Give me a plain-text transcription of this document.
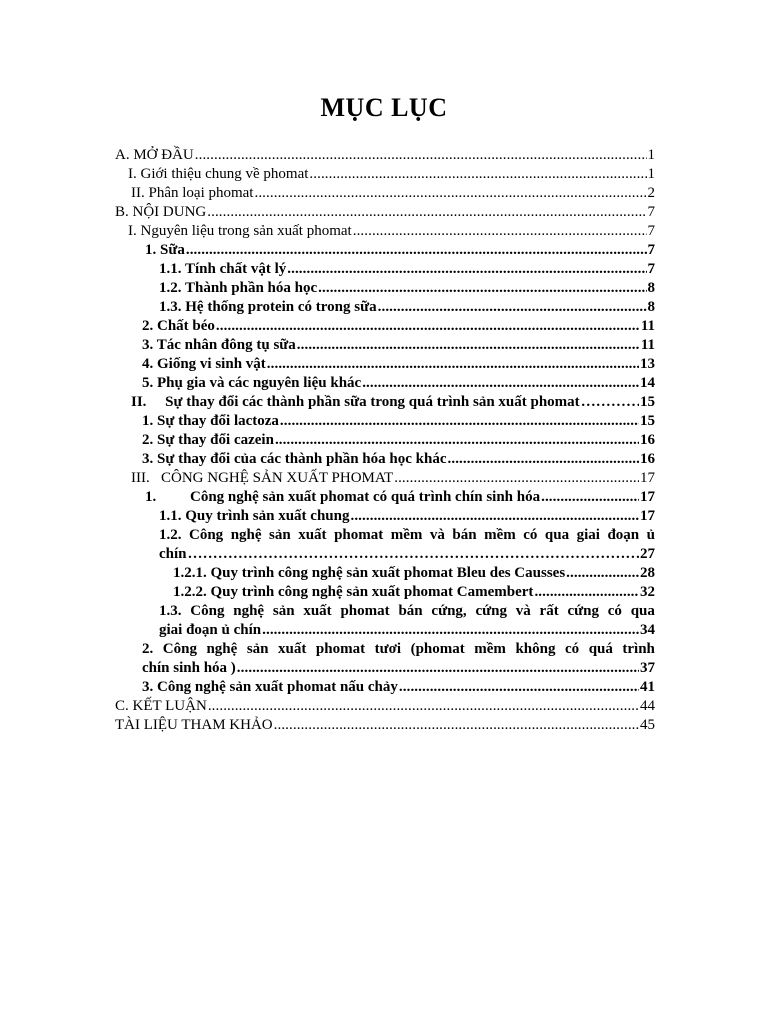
MỤC LỤC
A. MỞ ĐẦU .....	1
I. Giới thiệu chung về phomat .....	1
II. Phân loại phomat .....	2
B. NỘI DUNG .....	7
I. Nguyên liệu trong sản xuất phomat .....	7
1. Sữa .....	7
1.1. Tính chất vật lý .....	7
1.2. Thành phần hóa học .....	8
1.3. Hệ thống protein có trong sữa .....	8
2. Chất béo .....	11
3. Tác nhân đông tụ sữa .....	11
4. Giống vi sinh vật .....	13
5. Phụ gia và các nguyên liệu khác .....	14
II.     Sự thay đổi các thành phần sữa trong quá trình sản xuất phomat ……………………………………………………………………………………………………………………………………………………………………………	15
1. Sự thay đổi lactoza .....	15
2. Sự thay đổi cazein .....	16
3. Sự thay đổi của các thành phần hóa học khác .....	16
III.   CÔNG NGHỆ SẢN XUẤT PHOMAT .....	17
1.         Công nghệ sản xuất phomat có quá trình chín sinh hóa .....	17
1.1. Quy trình sản xuất chung .....	17
1.2. Công nghệ sản xuất phomat mềm và bán mềm có qua giai đoạn ủ
chín ……………………………………………………………………………………………………………………………………………………………………………	27
1.2.1. Quy trình công nghệ sản xuất phomat Bleu des Causses .....	28
1.2.2. Quy trình công nghệ sản xuất phomat Camembert .....	32
1.3. Công nghệ sản xuất phomat bán cứng, cứng và rất cứng có qua
giai đoạn ủ chín .....	34
2. Công nghệ sản xuất phomat tươi (phomat mềm không có quá trình
chín sinh hóa ) .....	37
3. Công nghệ sản xuất phomat nấu chảy .....	41
C. KẾT LUẬN .....	44
TÀI LIỆU THAM KHẢO .....	45
